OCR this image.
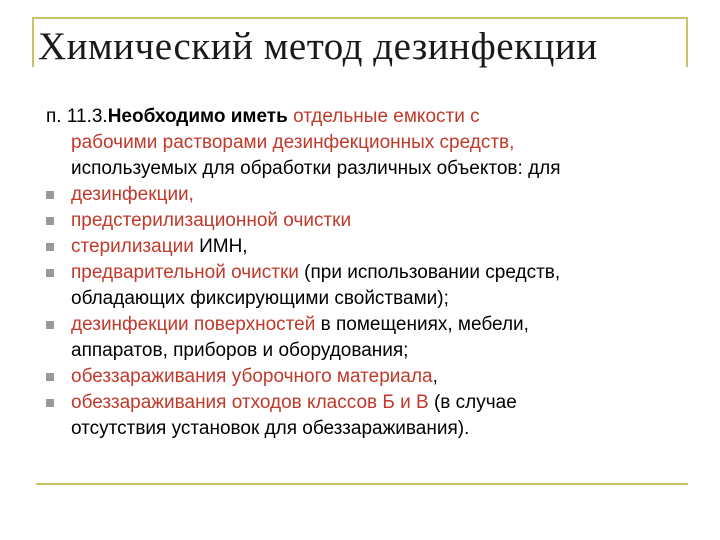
Химический метод дезинфекции
п. 11.3.Необходимо иметь отдельные емкости с
рабочими растворами дезинфекционных средств,
используемых для обработки различных объектов: для
дезинфекции,
предстерилизационной очистки
стерилизации ИМН,
предварительной очистки (при использовании средств,
обладающих фиксирующими свойствами);
дезинфекции поверхностей в помещениях, мебели,
аппаратов, приборов и оборудования;
обеззараживания уборочного материала,
обеззараживания отходов классов Б и В (в случае
отсутствия установок для обеззараживания).
